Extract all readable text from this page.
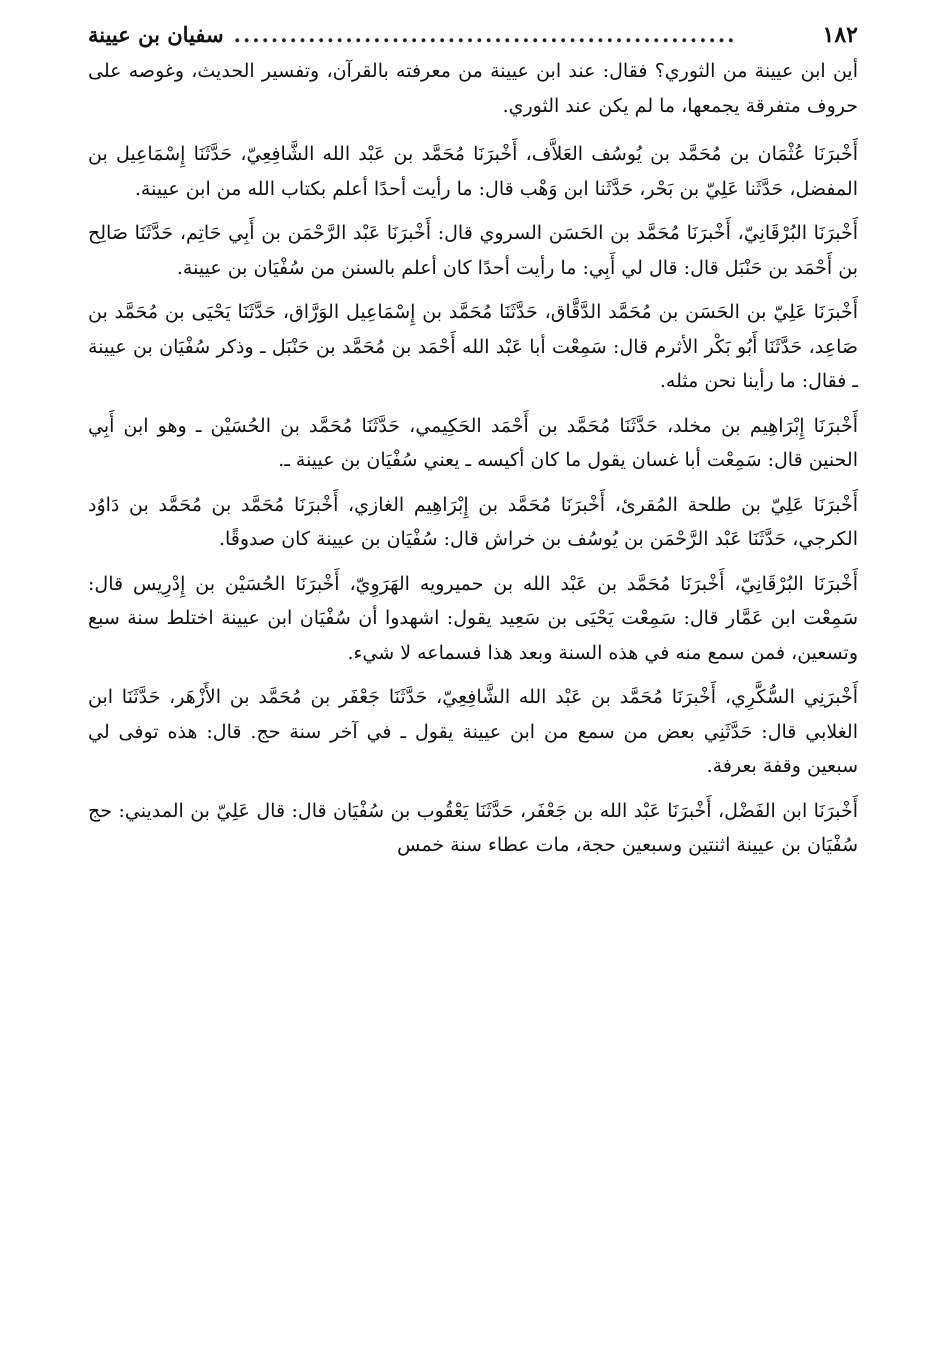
١٨٢
......................................................
سفيان بن عيينة

أين ابن عيينة من الثوري؟ فقال: عند ابن عيينة من معرفته بالقرآن، وتفسير الحديث، وغوصه على حروف متفرقة يجمعها، ما لم يكن عند الثوري.

أَخْبرَنَا عُثْمَان بن مُحَمَّد بن يُوسُف العَلاَّف، أَخْبرَنَا مُحَمَّد بن عَبْد الله الشَّافِعِيّ، حَدَّثَنَا إِسْمَاعِيل بن المفضل، حَدَّثَنا عَلِيّ بن بَحْر، حَدَّثَنا ابن وَهْب قال: ما رأيت أحدًا أعلم بكتاب الله من ابن عيينة.

أَخْبرَنَا البُرْقَانِيّ، أَخْبرَنَا مُحَمَّد بن الحَسَن السروي قال: أَخْبرَنَا عَبْد الرَّحْمَن بن أَبِي حَاتِم، حَدَّثَنَا صَالِح بن أَحْمَد بن حَنْبَل قال: قال لي أَبِي: ما رأيت أحدًا كان أعلم بالسنن من سُفْيَان بن عيينة.

أَخْبرَنَا عَلِيّ بن الحَسَن بن مُحَمَّد الدَّقَّاق، حَدَّثَنَا مُحَمَّد بن إِسْمَاعِيل الوَرَّاق، حَدَّثَنَا يَحْيَى بن مُحَمَّد بن صَاعِد، حَدَّثَنَا أَبُو بَكْر الأثرم قال: سَمِعْت أبا عَبْد الله أَحْمَد بن مُحَمَّد بن حَنْبَل ـ وذكر سُفْيَان بن عيينة ـ فقال: ما رأينا نحن مثله.

أَخْبرَنَا إِبْرَاهِيم بن مخلد، حَدَّثَنَا مُحَمَّد بن أَحْمَد الحَكِيمي، حَدَّثَنَا مُحَمَّد بن الحُسَيْن ـ وهو ابن أَبِي الحنين قال: سَمِعْت أبا غسان يقول ما كان أكيسه ـ يعني سُفْيَان بن عيينة ـ.

أَخْبرَنَا عَلِيّ بن طلحة المُقرئ، أَخْبرَنَا مُحَمَّد بن إِبْرَاهِيم الغازي، أَخْبرَنَا مُحَمَّد بن مُحَمَّد بن دَاوُد الكرجي، حَدَّثَنَا عَبْد الرَّحْمَن بن يُوسُف بن خراش قال: سُفْيَان بن عيينة كان صدوقًا.

أَخْبرَنَا البُرْقَانِيّ، أَخْبرَنَا مُحَمَّد بن عَبْد الله بن حميرويه الهَرَوِيّ، أَخْبرَنَا الحُسَيْن بن إِدْرِيس قال: سَمِعْت ابن عَمَّار قال: سَمِعْت يَحْيَى بن سَعِيد يقول: اشهدوا أن سُفْيَان ابن عيينة اختلط سنة سبع وتسعين، فمن سمع منه في هذه السنة وبعد هذا فسماعه لا شيء.

أَخْبرَنِي السُّكَّرِي، أَخْبرَنَا مُحَمَّد بن عَبْد الله الشَّافِعِيّ، حَدَّثَنَا جَعْفَر بن مُحَمَّد بن الأَزْهَر، حَدَّثَنَا ابن الغلابي قال: حَدَّثَنِي بعض من سمع من ابن عيينة يقول ـ في آخر سنة حج. قال: هذه توفى لي سبعين وقفة بعرفة.

أَخْبرَنَا ابن الفَضْل، أَخْبرَنَا عَبْد الله بن جَعْفَر، حَدَّثَنَا يَعْقُوب بن سُفْيَان قال: قال عَلِيّ بن المديني: حج سُفْيَان بن عيينة اثنتين وسبعين حجة، مات عطاء سنة خمس
